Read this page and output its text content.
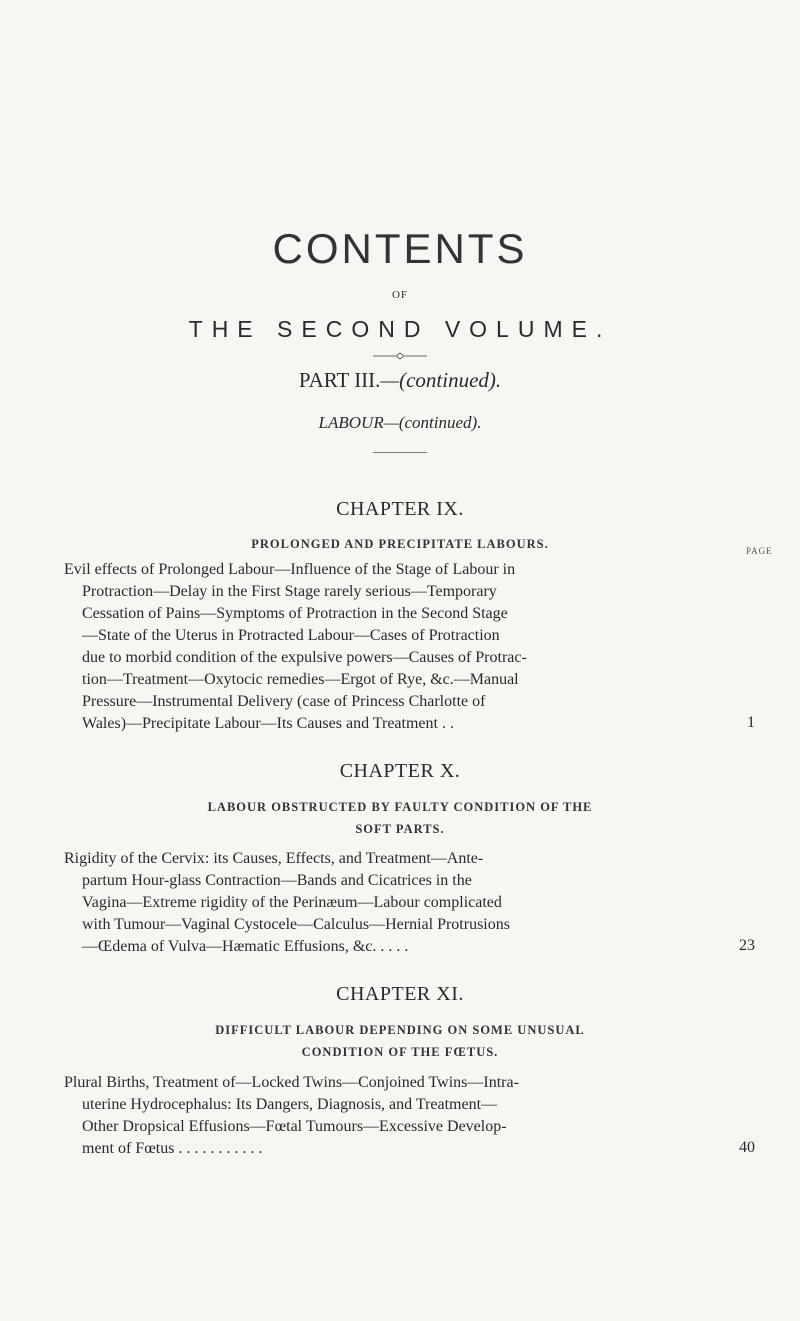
CONTENTS
OF
THE SECOND VOLUME.
PART III.—(continued).
LABOUR—(continued).
CHAPTER IX.
PROLONGED AND PRECIPITATE LABOURS.	PAGE
Evil effects of Prolonged Labour—Influence of the Stage of Labour in
Protraction—Delay in the First Stage rarely serious—Temporary
Cessation of Pains—Symptoms of Protraction in the Second Stage
—State of the Uterus in Protracted Labour—Cases of Protraction
due to morbid condition of the expulsive powers—Causes of Protrac-
tion—Treatment—Oxytocic remedies—Ergot of Rye, &c.—Manual
Pressure—Instrumental Delivery (case of Princess Charlotte of
Wales)—Precipitate Labour—Its Causes and Treatment . .	1
CHAPTER X.
LABOUR OBSTRUCTED BY FAULTY CONDITION OF THE
SOFT PARTS.
Rigidity of the Cervix: its Causes, Effects, and Treatment—Ante-
partum Hour-glass Contraction—Bands and Cicatrices in the
Vagina—Extreme rigidity of the Perinæum—Labour complicated
with Tumour—Vaginal Cystocele—Calculus—Hernial Protrusions
—Œdema of Vulva—Hæmatic Effusions, &c. . . . .	23
CHAPTER XI.
DIFFICULT LABOUR DEPENDING ON SOME UNUSUAL
CONDITION OF THE FŒTUS.
Plural Births, Treatment of—Locked Twins—Conjoined Twins—Intra-
uterine Hydrocephalus: Its Dangers, Diagnosis, and Treatment—
Other Dropsical Effusions—Fœtal Tumours—Excessive Develop-
ment of Fœtus . . . . . . . . . . .	40
